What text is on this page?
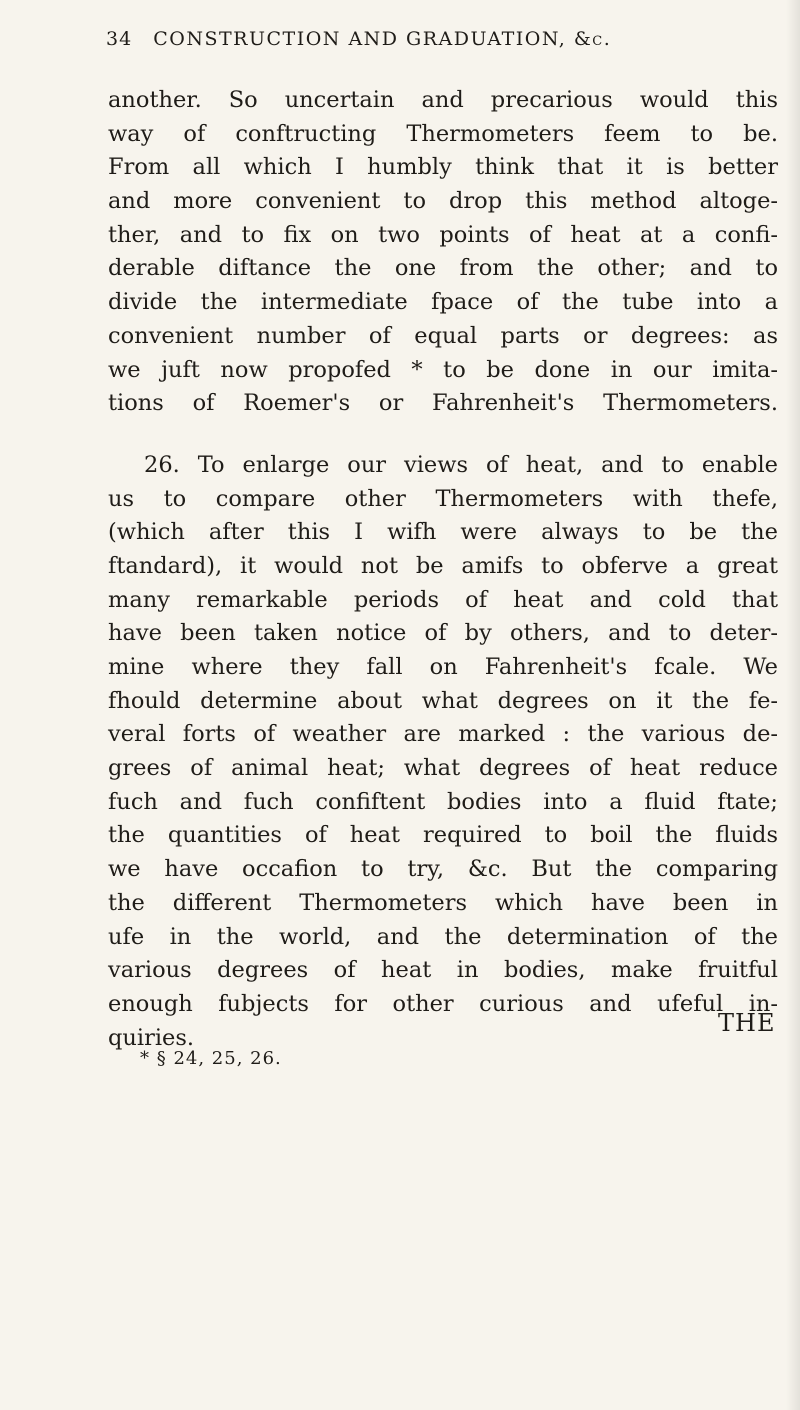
34 CONSTRUCTION AND GRADUATION, &c.
another. So uncertain and precarious would this
way of conftructing Thermometers feem to be.
From all which I humbly think that it is better
and more convenient to drop this method altoge-
ther, and to fix on two points of heat at a confi-
derable diftance the one from the other; and to
divide the intermediate fpace of the tube into a
convenient number of equal parts or degrees: as
we juft now propofed * to be done in our imita-
tions of Roemer's or Fahrenheit's Thermometers.
26. To enlarge our views of heat, and to enable
us to compare other Thermometers with thefe,
(which after this I wifh were always to be the
ftandard), it would not be amifs to obferve a great
many remarkable periods of heat and cold that
have been taken notice of by others, and to deter-
mine where they fall on Fahrenheit's fcale. We
fhould determine about what degrees on it the fe-
veral forts of weather are marked : the various de-
grees of animal heat; what degrees of heat reduce
fuch and fuch confiftent bodies into a fluid ftate;
the quantities of heat required to boil the fluids
we have occafion to try, &c. But the comparing
the different Thermometers which have been in
ufe in the world, and the determination of the
various degrees of heat in bodies, make fruitful
enough fubjects for other curious and ufeful in-
quiries.
THE
* § 24, 25, 26.
